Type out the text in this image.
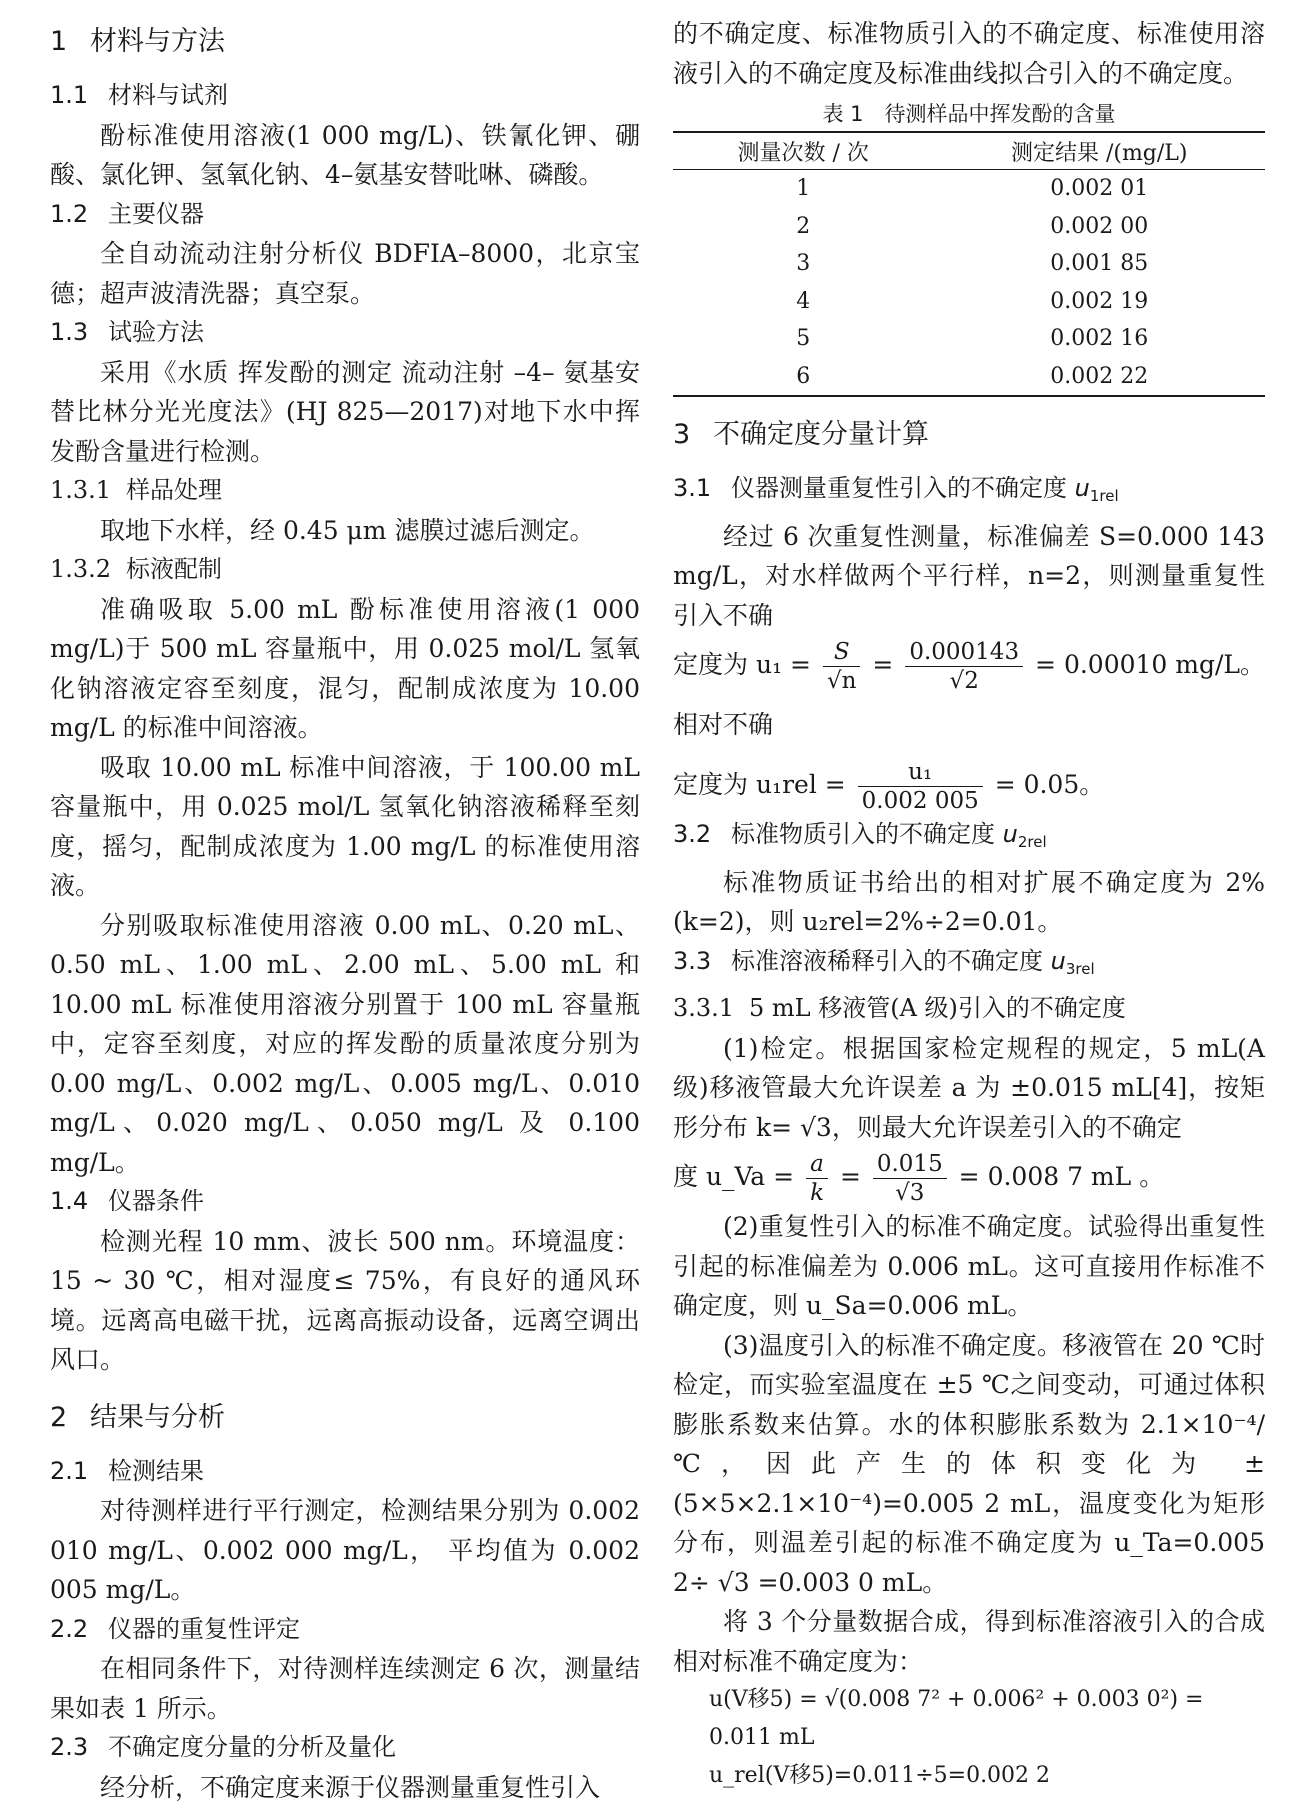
1 材料与方法
1.1 材料与试剂

酚标准使用溶液(1 000 mg/L)、铁氰化钾、硼酸、氯化钾、氢氧化钠、4–氨基安替吡啉、磷酸。

1.2 主要仪器

全自动流动注射分析仪 BDFIA–8000，北京宝德；超声波清洗器；真空泵。

1.3 试验方法

采用《水质 挥发酚的测定 流动注射 –4– 氨基安替比林分光光度法》(HJ 825—2017)对地下水中挥发酚含量进行检测。

1.3.1 样品处理

取地下水样，经 0.45 μm 滤膜过滤后测定。

1.3.2 标液配制

准确吸取 5.00 mL 酚标准使用溶液(1 000 mg/L)于 500 mL 容量瓶中，用 0.025 mol/L 氢氧化钠溶液定容至刻度，混匀，配制成浓度为 10.00 mg/L 的标准中间溶液。

吸取 10.00 mL 标准中间溶液，于 100.00 mL 容量瓶中，用 0.025 mol/L 氢氧化钠溶液稀释至刻度，摇匀，配制成浓度为 1.00 mg/L 的标准使用溶液。

分别吸取标准使用溶液 0.00 mL、0.20 mL、0.50 mL、1.00 mL、2.00 mL、5.00 mL 和 10.00 mL 标准使用溶液分别置于 100 mL 容量瓶中，定容至刻度，对应的挥发酚的质量浓度分别为 0.00 mg/L、0.002 mg/L、0.005 mg/L、0.010 mg/L、0.020 mg/L、0.050 mg/L 及 0.100 mg/L。

1.4 仪器条件

检测光程 10 mm、波长 500 nm。环境温度：15 ~ 30 ℃，相对湿度≤ 75%，有良好的通风环境。远离高电磁干扰，远离高振动设备，远离空调出风口。

2 结果与分析
2.1 检测结果

对待测样进行平行测定，检测结果分别为 0.002 010 mg/L、0.002 000 mg/L， 平均值为 0.002 005 mg/L。

2.2 仪器的重复性评定

在相同条件下，对待测样连续测定 6 次，测量结果如表 1 所示。

2.3 不确定度分量的分析及量化

经分析，不确定度来源于仪器测量重复性引入

的不确定度、标准物质引入的不确定度、标准使用溶液引入的不确定度及标准曲线拟合引入的不确定度。

表 1　待测样品中挥发酚的含量
测量次数 / 次	测定结果 /(mg/L)
1	0.002 01
2	0.002 00
3	0.001 85
4	0.002 19
5	0.002 16
6	0.002 22
3 不确定度分量计算
3.1 仪器测量重复性引入的不确定度 $u_{1rel}$

经过 6 次重复性测量，标准偏差 S=0.000 143 mg/L，对水样做两个平行样，n=2，则测量重复性引入不确

定度为 $u_1 = \frac{S}{√n} = \frac{0.000143}{√2} = 0.00010$ mg/L。相对不确

定度为 $u_1rel = \frac{\text{u₁}}{0.002 005} = 0.05$。

3.2 标准物质引入的不确定度 $u_{2rel}$

标准物质证书给出的相对扩展不确定度为 2%(k=2)，则 u₂rel=2%÷2=0.01。

3.3 标准溶液稀释引入的不确定度 $u_{3rel}$
3.3.1 5 mL 移液管(A 级)引入的不确定度

(1)检定。根据国家检定规程的规定，5 mL(A 级)移液管最大允许误差 a 为 ±0.015 mL[4]，按矩形分布 k= √3，则最大允许误差引入的不确定

度 u_Va = $\frac{a}{k} = \frac{0.015}{√3} = 0.008$ 7 mL 。

(2)重复性引入的标准不确定度。试验得出重复性引起的标准偏差为 0.006 mL。这可直接用作标准不确定度，则 u_Sa=0.006 mL。

(3)温度引入的标准不确定度。移液管在 20 ℃时检定，而实验室温度在 ±5 ℃之间变动，可通过体积膨胀系数来估算。水的体积膨胀系数为 2.1×10⁻⁴/℃，因此产生的体积变化为 ±(5×5×2.1×10⁻⁴)=0.005 2 mL，温度变化为矩形分布，则温差引起的标准不确定度为 u_Ta=0.005 2÷ √3 =0.003 0 mL。

将 3 个分量数据合成，得到标准溶液引入的合成相对标准不确定度为：

u(V移5) = √(0.008 7² + 0.006² + 0.003 0²) = 0.011 mL
u_rel(V移5)=0.011÷5=0.002 2
